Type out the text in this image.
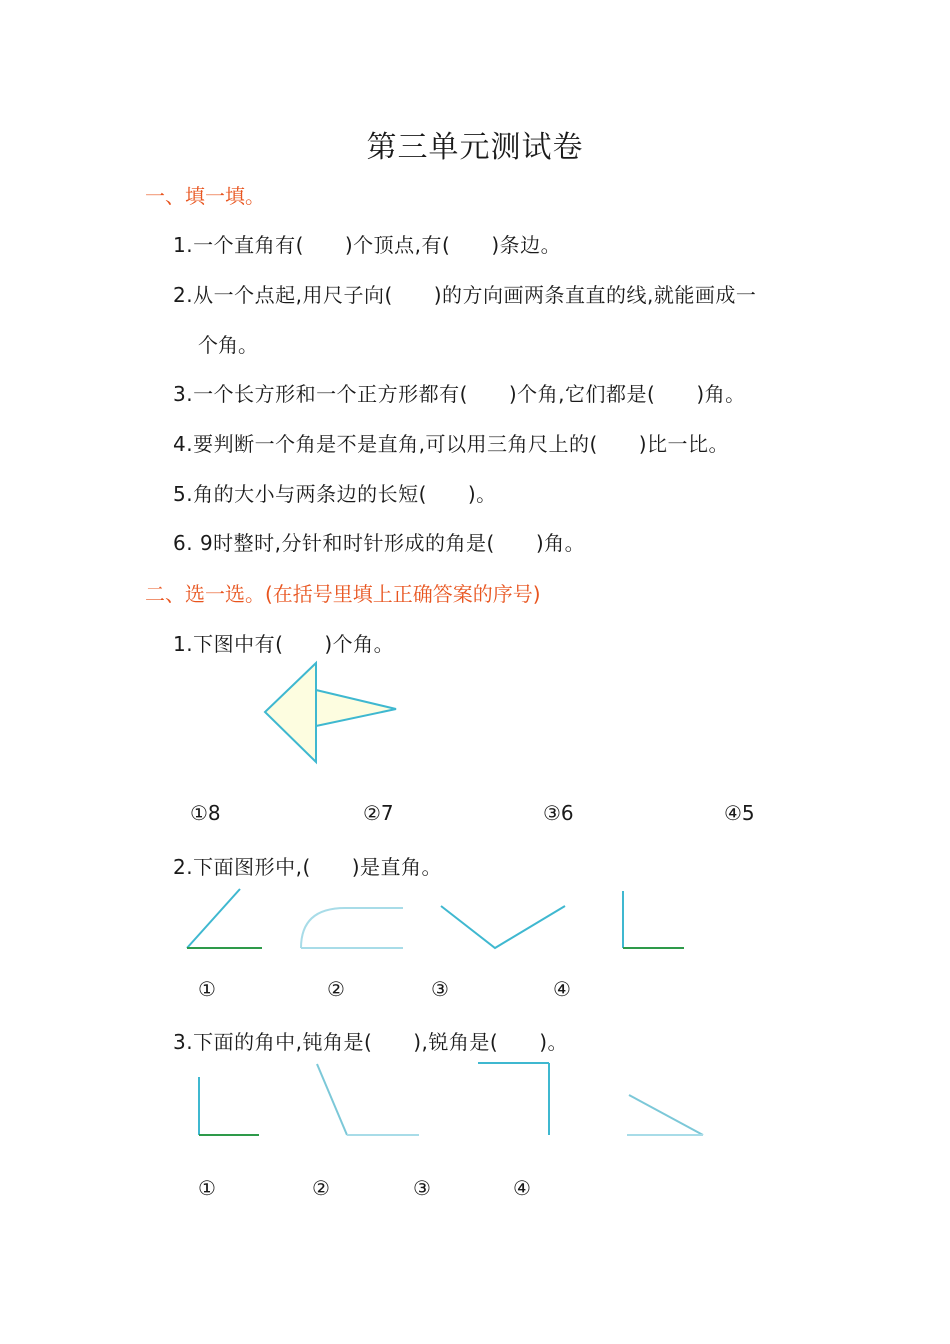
第三单元测试卷
一、填一填。
1.一个直角有(　　)个顶点,有(　　)条边。
2.从一个点起,用尺子向(　　)的方向画两条直直的线,就能画成一
个角。
3.一个长方形和一个正方形都有(　　)个角,它们都是(　　)角。
4.要判断一个角是不是直角,可以用三角尺上的(　　)比一比。
5.角的大小与两条边的长短(　　)。
6. 9时整时,分针和时针形成的角是(　　)角。
二、选一选。(在括号里填上正确答案的序号)
1.下图中有(　　)个角。
①8	②7	③6	④5
2.下面图形中,(　　)是直角。
①	②	③	④
3.下面的角中,钝角是(　　),锐角是(　　)。
①	②	③	④
